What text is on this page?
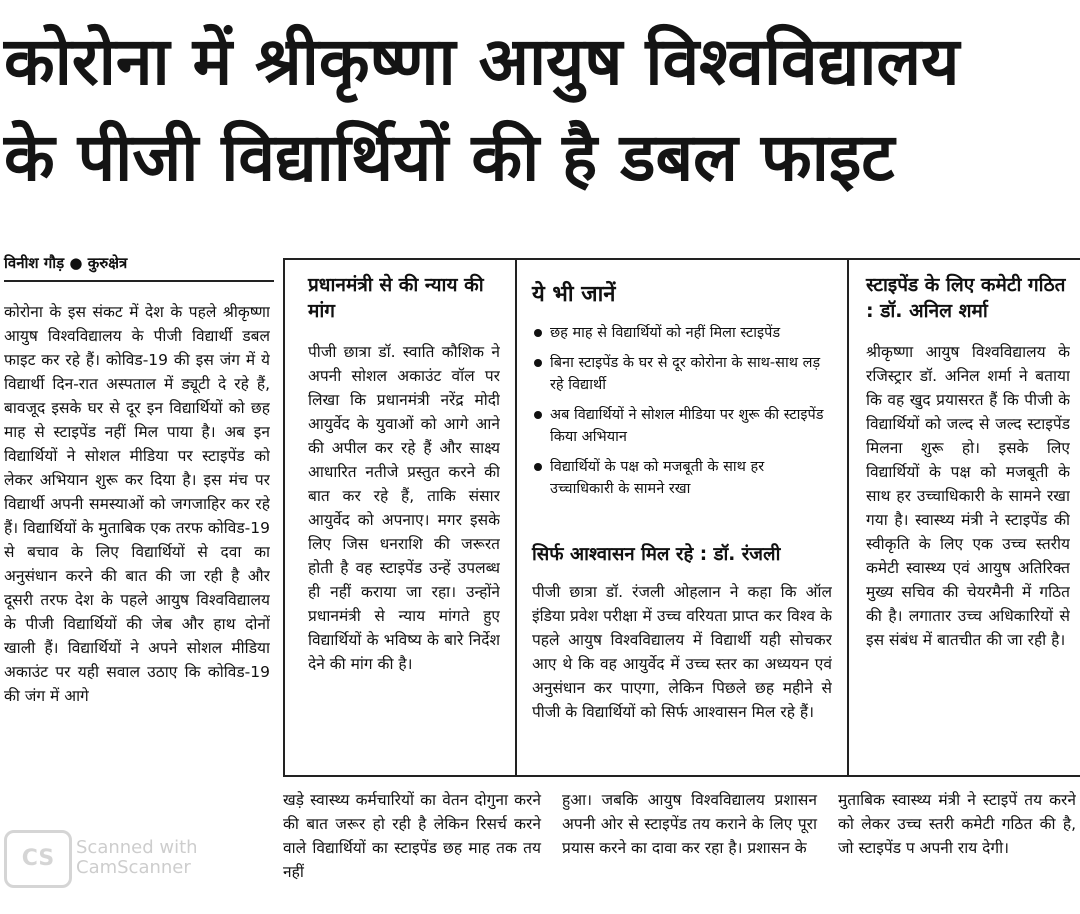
कोरोना में श्रीकृष्णा आयुष विश्वविद्यालय
के पीजी विद्यार्थियों की है डबल फाइट
विनीश गौड़ ● कुरुक्षेत्र

कोरोना के इस संकट में देश के पहले श्रीकृष्णा आयुष विश्वविद्यालय के पीजी विद्यार्थी डबल फाइट कर रहे हैं। कोविड-19 की इस जंग में ये विद्यार्थी दिन-रात अस्पताल में ड्यूटी दे रहे हैं, बावजूद इसके घर से दूर इन विद्यार्थियों को छह माह से स्टाइपेंड नहीं मिल पाया है। अब इन विद्यार्थियों ने सोशल मीडिया पर स्टाइपेंड को लेकर अभियान शुरू कर दिया है। इस मंच पर विद्यार्थी अपनी समस्याओं को जगजाहिर कर रहे हैं। विद्यार्थियों के मुताबिक एक तरफ कोविड-19 से बचाव के लिए विद्यार्थियों से दवा का अनुसंधान करने की बात की जा रही है और दूसरी तरफ देश के पहले आयुष विश्वविद्यालय के पीजी विद्यार्थियों की जेब और हाथ दोनों खाली हैं। विद्यार्थियों ने अपने सोशल मीडिया अकाउंट पर यही सवाल उठाए कि कोविड-19 की जंग में आगे

प्रधानमंत्री से की न्याय की मांग

पीजी छात्रा डॉ. स्वाति कौशिक ने अपनी सोशल अकाउंट वॉल पर लिखा कि प्रधानमंत्री नरेंद्र मोदी आयुर्वेद के युवाओं को आगे आने की अपील कर रहे हैं और साक्ष्य आधारित नतीजे प्रस्तुत करने की बात कर रहे हैं, ताकि संसार आयुर्वेद को अपनाए। मगर इसके लिए जिस धनराशि की जरूरत होती है वह स्टाइपेंड उन्हें उपलब्ध ही नहीं कराया जा रहा। उन्होंने प्रधानमंत्री से न्याय मांगते हुए विद्यार्थियों के भविष्य के बारे निर्देश देने की मांग की है।

ये भी जानें
छह माह से विद्यार्थियों को नहीं मिला स्टाइपेंड
बिना स्टाइपेंड के घर से दूर कोरोना के साथ-साथ लड़ रहे विद्यार्थी
अब विद्यार्थियों ने सोशल मीडिया पर शुरू की स्टाइपेंड किया अभियान
विद्यार्थियों के पक्ष को मजबूती के साथ हर उच्चाधिकारी के सामने रखा
सिर्फ आश्वासन मिल रहे : डॉ. रंजली

पीजी छात्रा डॉ. रंजली ओहलान ने कहा कि ऑल इंडिया प्रवेश परीक्षा में उच्च वरियता प्राप्त कर विश्व के पहले आयुष विश्वविद्यालय में विद्यार्थी यही सोचकर आए थे कि वह आयुर्वेद में उच्च स्तर का अध्ययन एवं अनुसंधान कर पाएगा, लेकिन पिछले छह महीने से पीजी के विद्यार्थियों को सिर्फ आश्वासन मिल रहे हैं।

स्टाइपेंड के लिए कमेटी गठित : डॉ. अनिल शर्मा

श्रीकृष्णा आयुष विश्वविद्यालय के रजिस्ट्रार डॉ. अनिल शर्मा ने बताया कि वह खुद प्रयासरत हैं कि पीजी के विद्यार्थियों को जल्द से जल्द स्टाइपेंड मिलना शुरू हो। इसके लिए विद्यार्थियों के पक्ष को मजबूती के साथ हर उच्चाधिकारी के सामने रखा गया है। स्वास्थ्य मंत्री ने स्टाइपेंड की स्वीकृति के लिए एक उच्च स्तरीय कमेटी स्वास्थ्य एवं आयुष अतिरिक्त मुख्य सचिव की चेयरमैनी में गठित की है। लगातार उच्च अधिकारियों से इस संबंध में बातचीत की जा रही है।

खड़े स्वास्थ्य कर्मचारियों का वेतन दोगुना करने की बात जरूर हो रही है लेकिन रिसर्च करने वाले विद्यार्थियों का स्टाइपेंड छह माह तक तय नहीं
हुआ। जबकि आयुष विश्वविद्यालय प्रशासन अपनी ओर से स्टाइपेंड तय कराने के लिए पूरा प्रयास करने का दावा कर रहा है। प्रशासन के
मुताबिक स्वास्थ्य मंत्री ने स्टाइपें तय करने को लेकर उच्च स्तरी कमेटी गठित की है, जो स्टाइपेंड प अपनी राय देगी।
CS	Scanned with CamScanner
